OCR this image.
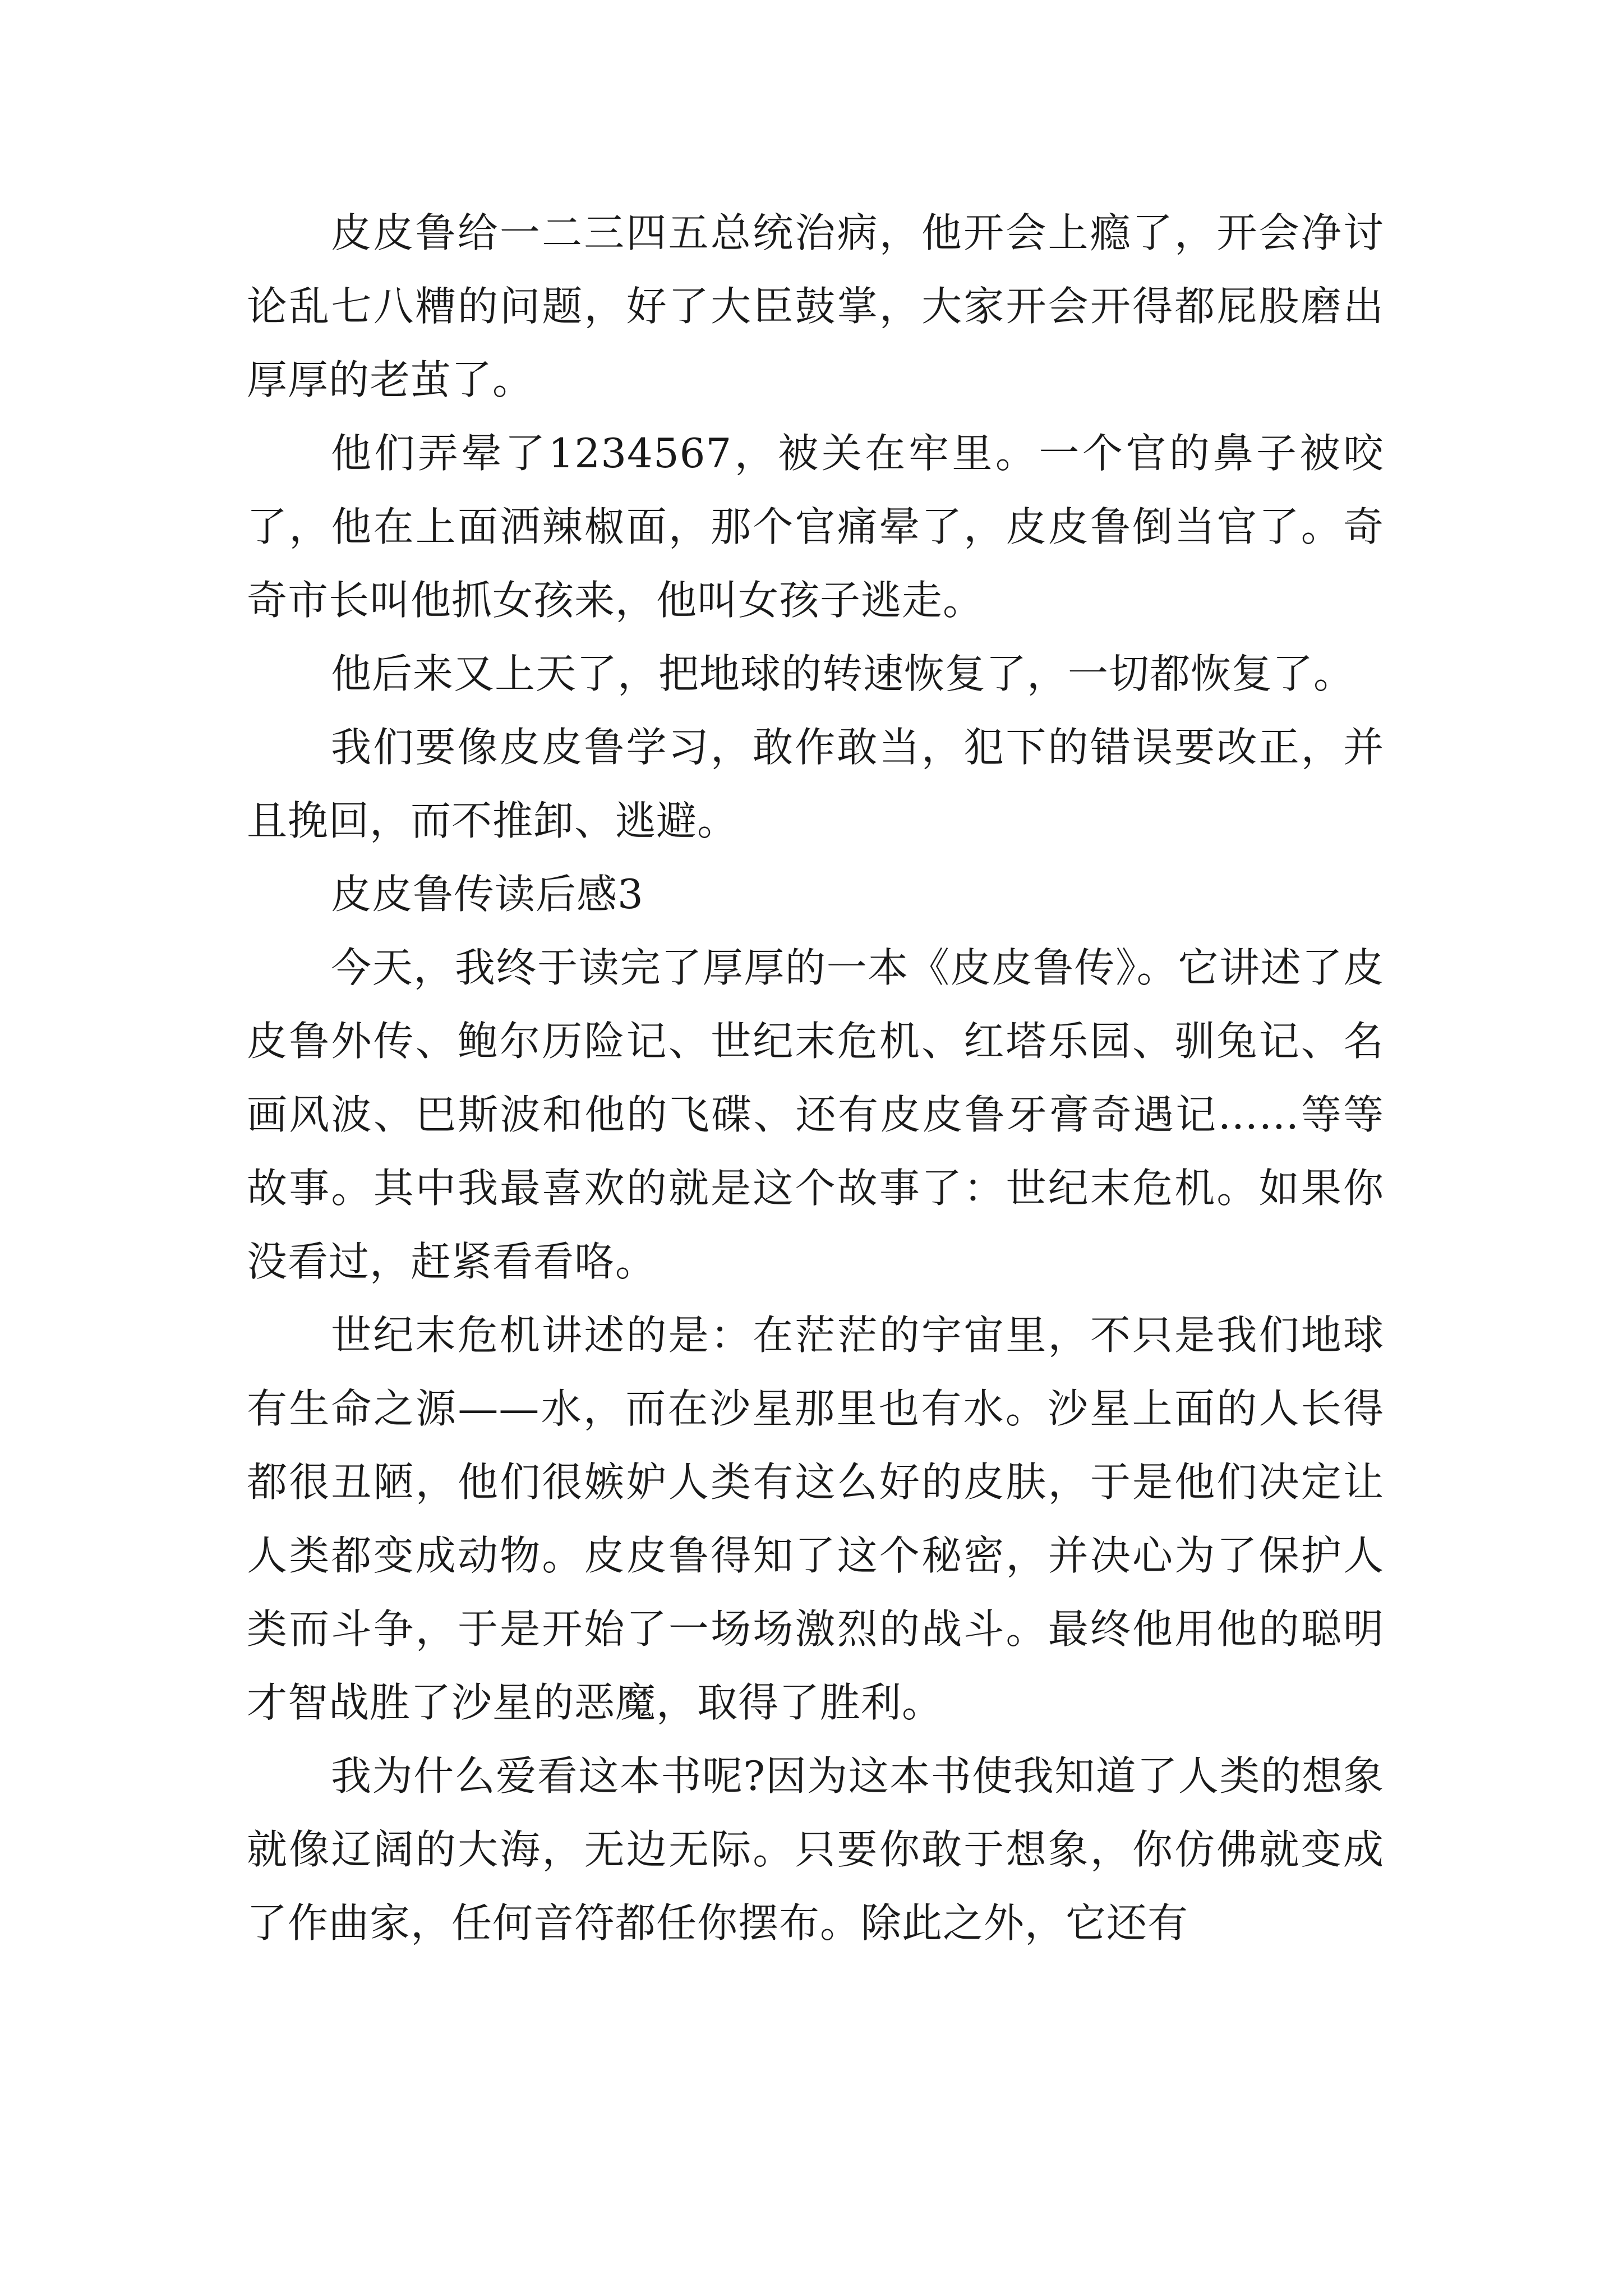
皮皮鲁给一二三四五总统治病，他开会上瘾了，开会净讨论乱七八糟的问题，好了大臣鼓掌，大家开会开得都屁股磨出厚厚的老茧了。

他们弄晕了1234567，被关在牢里。一个官的鼻子被咬了，他在上面洒辣椒面，那个官痛晕了，皮皮鲁倒当官了。奇奇市长叫他抓女孩来，他叫女孩子逃走。

他后来又上天了，把地球的转速恢复了，一切都恢复了。

我们要像皮皮鲁学习，敢作敢当，犯下的错误要改正，并且挽回，而不推卸、逃避。

皮皮鲁传读后感3

今天，我终于读完了厚厚的一本《皮皮鲁传》。它讲述了皮皮鲁外传、鲍尔历险记、世纪末危机、红塔乐园、驯兔记、名画风波、巴斯波和他的飞碟、还有皮皮鲁牙膏奇遇记……等等故事。其中我最喜欢的就是这个故事了：世纪末危机。如果你没看过，赶紧看看咯。

世纪末危机讲述的是：在茫茫的宇宙里，不只是我们地球有生命之源——水，而在沙星那里也有水。沙星上面的人长得都很丑陋，他们很嫉妒人类有这么好的皮肤，于是他们决定让人类都变成动物。皮皮鲁得知了这个秘密，并决心为了保护人类而斗争，于是开始了一场场激烈的战斗。最终他用他的聪明才智战胜了沙星的恶魔，取得了胜利。

我为什么爱看这本书呢?因为这本书使我知道了人类的想象就像辽阔的大海，无边无际。只要你敢于想象，你仿佛就变成了作曲家，任何音符都任你摆布。除此之外，它还有
